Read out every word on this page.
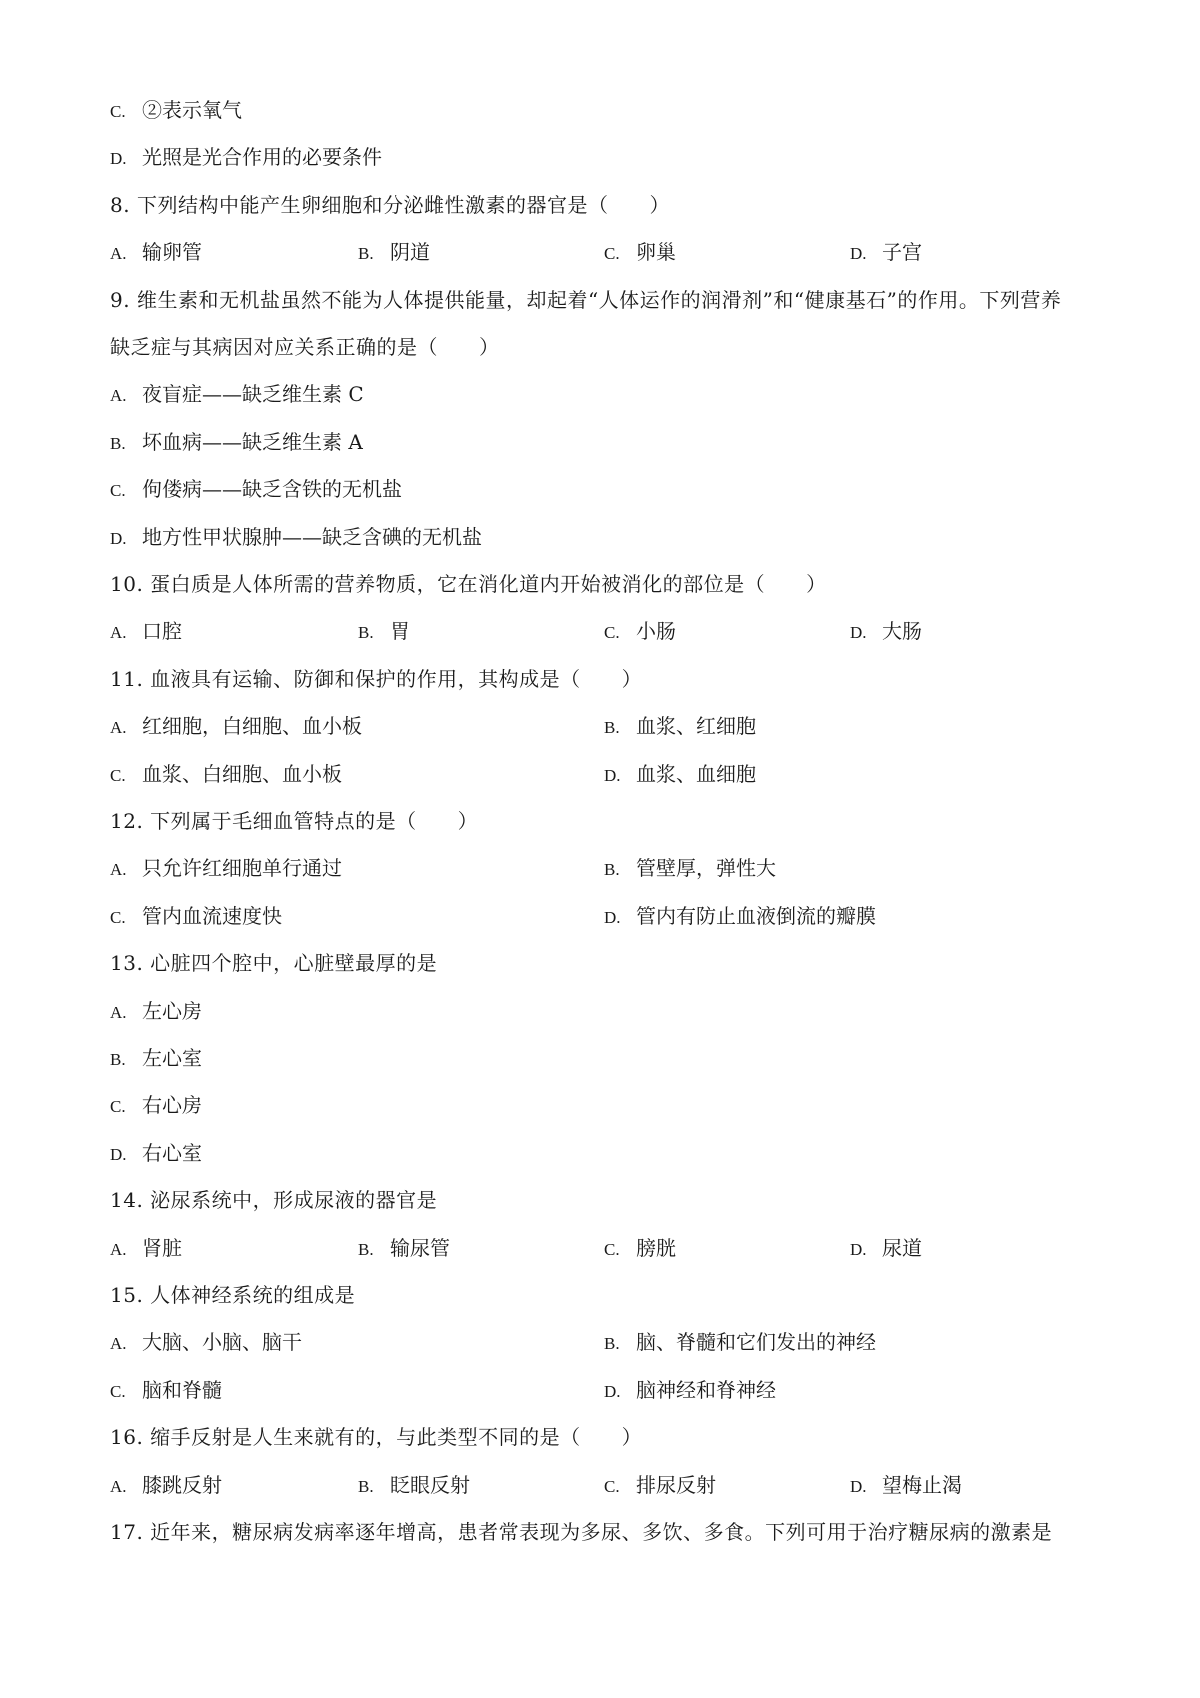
C. ②表示氧气
D. 光照是光合作用的必要条件
8. 下列结构中能产生卵细胞和分泌雌性激素的器官是（　　）
A. 输卵管	B. 阴道	C. 卵巢	D. 子宫
9. 维生素和无机盐虽然不能为人体提供能量，却起着“人体运作的润滑剂”和“健康基石”的作用。下列营养
缺乏症与其病因对应关系正确的是（　　）
A. 夜盲症——缺乏维生素 C
B. 坏血病——缺乏维生素 A
C. 佝偻病——缺乏含铁的无机盐
D. 地方性甲状腺肿——缺乏含碘的无机盐
10. 蛋白质是人体所需的营养物质，它在消化道内开始被消化的部位是（　　）
A. 口腔	B. 胃	C. 小肠	D. 大肠
11. 血液具有运输、防御和保护的作用，其构成是（　　）
A. 红细胞，白细胞、血小板	B. 血浆、红细胞
C. 血浆、白细胞、血小板	D. 血浆、血细胞
12. 下列属于毛细血管特点的是（　　）
A. 只允许红细胞单行通过	B. 管壁厚，弹性大
C. 管内血流速度快	D. 管内有防止血液倒流的瓣膜
13. 心脏四个腔中，心脏壁最厚的是
A. 左心房
B. 左心室
C. 右心房
D. 右心室
14. 泌尿系统中，形成尿液的器官是
A. 肾脏	B. 输尿管	C. 膀胱	D. 尿道
15. 人体神经系统的组成是
A. 大脑、小脑、脑干	B. 脑、脊髓和它们发出的神经
C. 脑和脊髓	D. 脑神经和脊神经
16. 缩手反射是人生来就有的，与此类型不同的是（　　）
A. 膝跳反射	B. 眨眼反射	C. 排尿反射	D. 望梅止渴
17. 近年来，糖尿病发病率逐年增高，患者常表现为多尿、多饮、多食。下列可用于治疗糖尿病的激素是
